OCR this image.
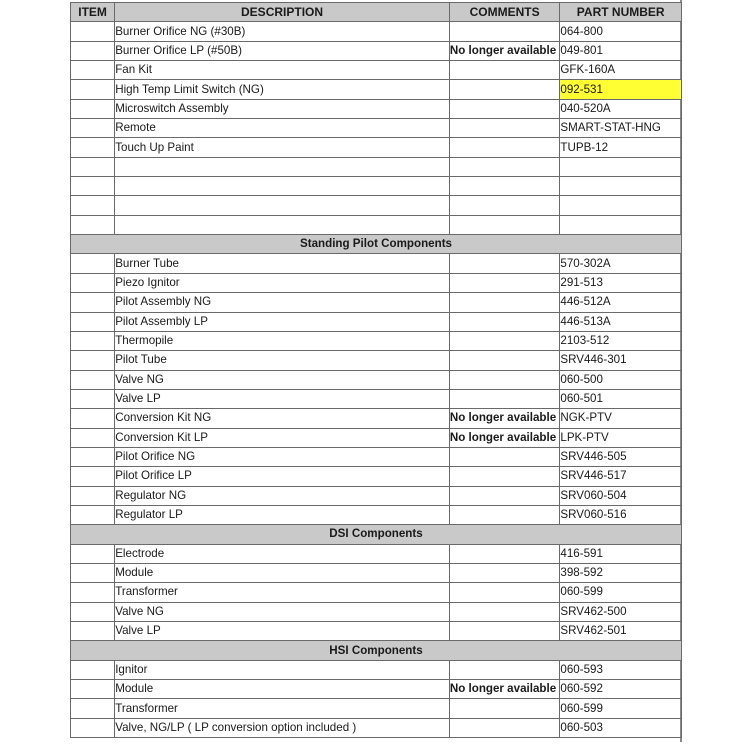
ITEM	DESCRIPTION	COMMENTS	PART NUMBER
	Burner Orifice NG (#30B)		064-800
	Burner Orifice LP (#50B)	No longer available	049-801
	Fan Kit		GFK-160A
	High Temp Limit Switch (NG)		092-531
	Microswitch Assembly		040-520A
	Remote		SMART-STAT-HNG
	Touch Up Paint		TUPB-12

Standing Pilot Components			
	Burner Tube		570-302A
	Piezo Ignitor		291-513
	Pilot Assembly NG		446-512A
	Pilot Assembly LP		446-513A
	Thermopile		2103-512
	Pilot Tube		SRV446-301
	Valve NG		060-500
	Valve LP		060-501
	Conversion Kit NG	No longer available	NGK-PTV
	Conversion Kit LP	No longer available	LPK-PTV
	Pilot Orifice NG		SRV446-505
	Pilot Orifice LP		SRV446-517
	Regulator NG		SRV060-504
	Regulator LP		SRV060-516
DSI Components			
	Electrode		416-591
	Module		398-592
	Transformer		060-599
	Valve NG		SRV462-500
	Valve LP		SRV462-501
HSI Components			
	Ignitor		060-593
	Module	No longer available	060-592
	Transformer		060-599
	Valve, NG/LP ( LP conversion option included )		060-503
